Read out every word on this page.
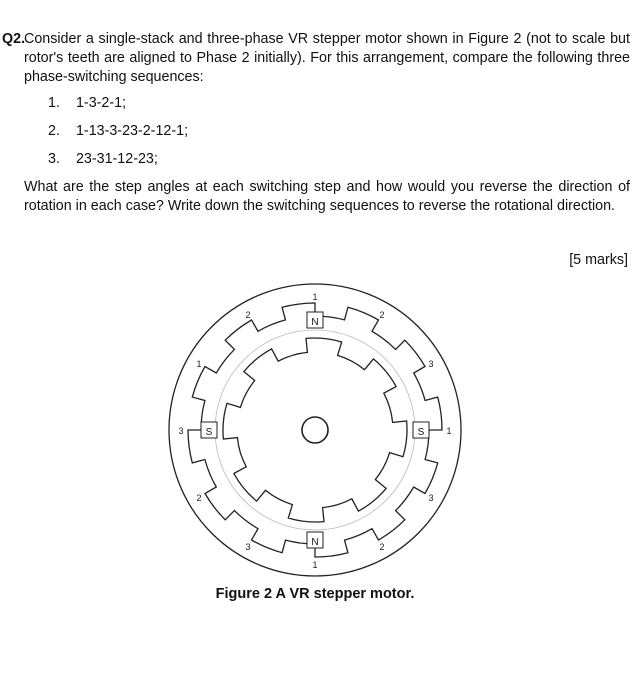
Q2.
Consider a single-stack and three-phase VR stepper motor shown in Figure 2 (not to scale but rotor's teeth are aligned to Phase 2 initially). For this arrangement, compare the following three phase-switching sequences:
1. 1-3-2-1;
2. 1-13-3-23-2-12-1;
3. 23-31-12-23;
What are the step angles at each switching step and how would you reverse the direction of rotation in each case? Write down the switching sequences to reverse the rotational direction.
[5 marks]
1
2
3
1
3
2
1
3
2
3
1
2
N
S	S
N
Figure 2 A VR stepper motor.
